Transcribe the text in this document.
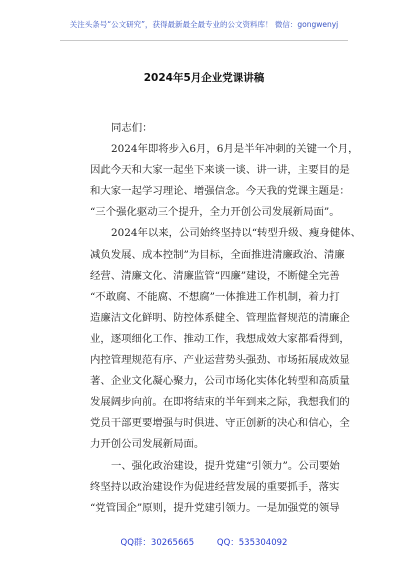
关注头条号“公文研究”，获得最新最全最专业的公文资料库！ 微信：gongwenyj
2024年5月企业党课讲稿
同志们：
2024年即将步入6月，6月是半年冲刺的关键一个月，
因此今天和大家一起坐下来谈一谈、讲一讲，主要目的是
和大家一起学习理论、增强信念。今天我的党课主题是：
“三个强化驱动三个提升，全力开创公司发展新局面”。
2024年以来，公司始终坚持以“转型升级、瘦身健体、
减负发展、成本控制”为目标，全面推进清廉政治、清廉
经营、清廉文化、清廉监管“四廉”建设，不断健全完善
“不敢腐、不能腐、不想腐”一体推进工作机制，着力打
造廉洁文化鲜明、防控体系健全、管理监督规范的清廉企
业，逐项细化工作、推动工作，我想成效大家都看得到，
内控管理规范有序、产业运营势头强劲、市场拓展成效显
著、企业文化凝心聚力，公司市场化实体化转型和高质量
发展阔步向前。在即将结束的半年到来之际，我想我们的
党员干部更要增强与时俱进、守正创新的决心和信心，全
力开创公司发展新局面。
一、强化政治建设，提升党建“引领力”。公司要始
终坚持以政治建设作为促进经营发展的重要抓手，落实
“党管国企”原则，提升党建引领力。一是加强党的领导
QQ群：30265665	QQ：535304092
